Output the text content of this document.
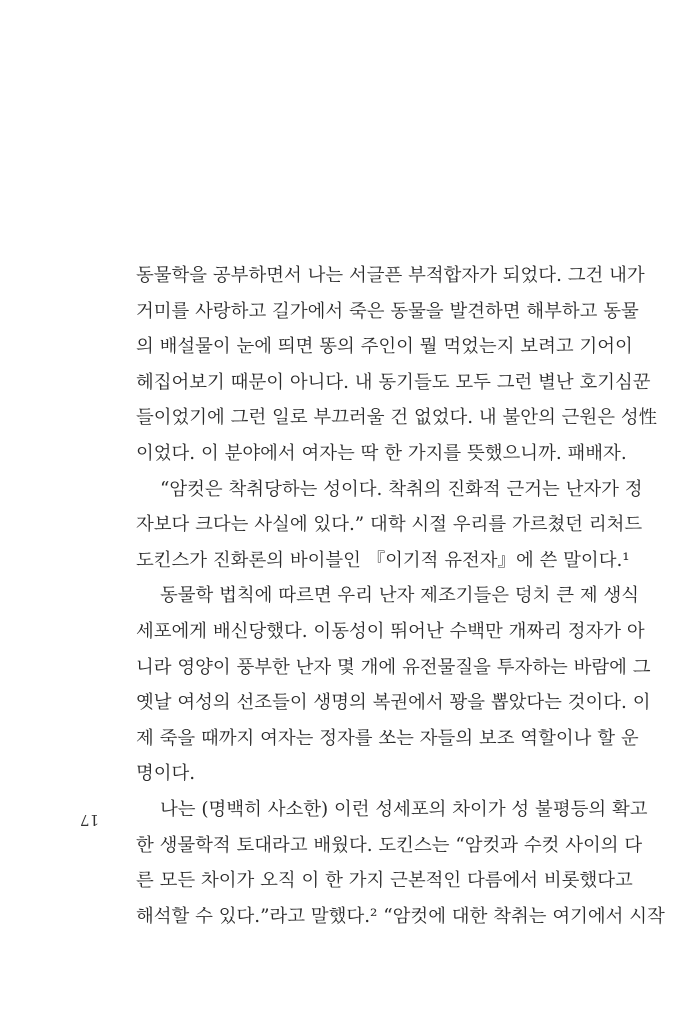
동물학을 공부하면서 나는 서글픈 부적합자가 되었다. 그건 내가
거미를 사랑하고 길가에서 죽은 동물을 발견하면 해부하고 동물
의 배설물이 눈에 띄면 똥의 주인이 뭘 먹었는지 보려고 기어이
헤집어보기 때문이 아니다. 내 동기들도 모두 그런 별난 호기심꾼
들이었기에 그런 일로 부끄러울 건 없었다. 내 불안의 근원은 성性
이었다. 이 분야에서 여자는 딱 한 가지를 뜻했으니까. 패배자.
“암컷은 착취당하는 성이다. 착취의 진화적 근거는 난자가 정
자보다 크다는 사실에 있다.” 대학 시절 우리를 가르쳤던 리처드
도킨스가 진화론의 바이블인 『이기적 유전자』에 쓴 말이다.¹
동물학 법칙에 따르면 우리 난자 제조기들은 덩치 큰 제 생식
세포에게 배신당했다. 이동성이 뛰어난 수백만 개짜리 정자가 아
니라 영양이 풍부한 난자 몇 개에 유전물질을 투자하는 바람에 그
옛날 여성의 선조들이 생명의 복권에서 꽝을 뽑았다는 것이다. 이
제 죽을 때까지 여자는 정자를 쏘는 자들의 보조 역할이나 할 운
명이다.
나는 (명백히 사소한) 이런 성세포의 차이가 성 불평등의 확고
한 생물학적 토대라고 배웠다. 도킨스는 “암컷과 수컷 사이의 다
른 모든 차이가 오직 이 한 가지 근본적인 다름에서 비롯했다고
해석할 수 있다.”라고 말했다.² “암컷에 대한 착취는 여기에서 시작
17
